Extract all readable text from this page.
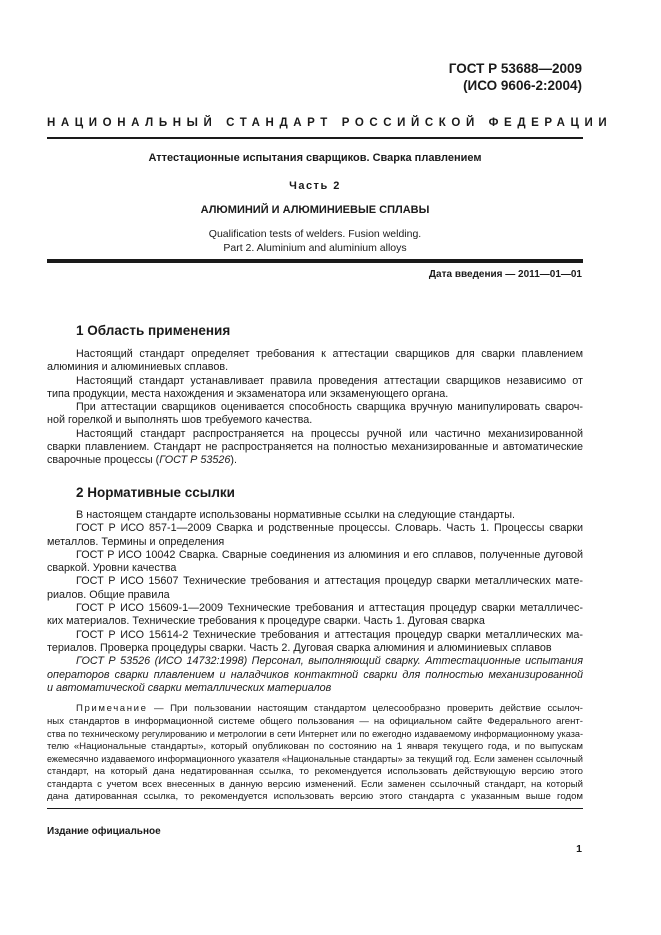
ГОСТ Р 53688—2009
(ИСО 9606-2:2004)
НАЦИОНАЛЬНЫЙ СТАНДАРТ РОССИЙСКОЙ ФЕДЕРАЦИИ
Аттестационные испытания сварщиков. Сварка плавлением
Часть 2
АЛЮМИНИЙ И АЛЮМИНИЕВЫЕ СПЛАВЫ
Qualification tests of welders. Fusion welding.
Part 2. Aluminium and aluminium alloys
Дата введения — 2011—01—01
1 Область применения
Настоящий стандарт определяет требования к аттестации сварщиков для сварки плавлением
алюминия и алюминиевых сплавов.
Настоящий стандарт устанавливает правила проведения аттестации сварщиков независимо от
типа продукции, места нахождения и экзаменатора или экзаменующего органа.
При аттестации сварщиков оценивается способность сварщика вручную манипулировать свароч-
ной горелкой и выполнять шов требуемого качества.
Настоящий стандарт распространяется на процессы ручной или частично механизированной
сварки плавлением. Стандарт не распространяется на полностью механизированные и автоматические
сварочные процессы (ГОСТ Р 53526).
2 Нормативные ссылки
В настоящем стандарте использованы нормативные ссылки на следующие стандарты.
ГОСТ Р ИСО 857-1—2009 Сварка и родственные процессы. Словарь. Часть 1. Процессы сварки
металлов. Термины и определения
ГОСТ Р ИСО 10042 Сварка. Сварные соединения из алюминия и его сплавов, полученные дуговой
сваркой. Уровни качества
ГОСТ Р ИСО 15607 Технические требования и аттестация процедур сварки металлических мате-
риалов. Общие правила
ГОСТ Р ИСО 15609-1—2009 Технические требования и аттестация процедур сварки металличес-
ких материалов. Технические требования к процедуре сварки. Часть 1. Дуговая сварка
ГОСТ Р ИСО 15614-2 Технические требования и аттестация процедур сварки металлических ма-
териалов. Проверка процедуры сварки. Часть 2. Дуговая сварка алюминия и алюминиевых сплавов
ГОСТ Р 53526 (ИСО 14732:1998) Персонал, выполняющий сварку. Аттестационные испытания
операторов сварки плавлением и наладчиков контактной сварки для полностью механизированной
и автоматической сварки металлических материалов
Примечание — При пользовании настоящим стандартом целесообразно проверить действие ссылоч-
ных стандартов в информационной системе общего пользования — на официальном сайте Федерального агент-
ства по техническому регулированию и метрологии в сети Интернет или по ежегодно издаваемому информационному указа-
телю «Национальные стандарты», который опубликован по состоянию на 1 января текущего года, и по выпускам
ежемесячно издаваемого информационного указателя «Национальные стандарты» за текущий год. Если заменен ссылочный
стандарт, на который дана недатированная ссылка, то рекомендуется использовать действующую версию этого
стандарта с учетом всех внесенных в данную версию изменений. Если заменен ссылочный стандарт, на который
дана датированная ссылка, то рекомендуется использовать версию этого стандарта с указанным выше годом
Издание официальное
1
